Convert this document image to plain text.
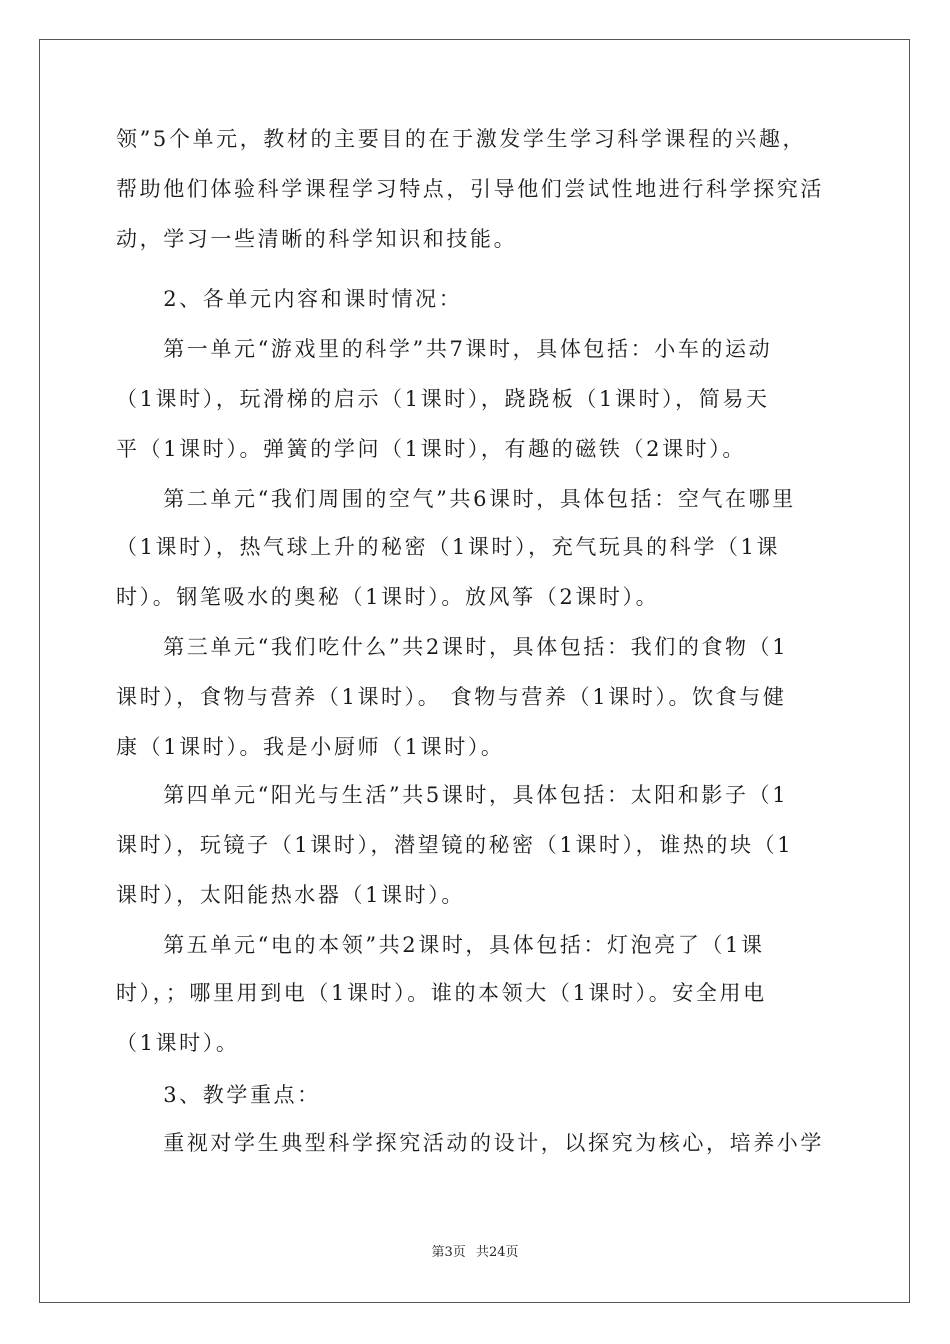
领”5个单元，教材的主要目的在于激发学生学习科学课程的兴趣，
帮助他们体验科学课程学习特点，引导他们尝试性地进行科学探究活
动，学习一些清晰的科学知识和技能。
　　2、各单元内容和课时情况：
　　第一单元“游戏里的科学”共7课时，具体包括：小车的运动
（1课时），玩滑梯的启示（1课时），跷跷板（1课时），简易天
平（1课时）。弹簧的学问（1课时），有趣的磁铁（2课时）。
　　第二单元“我们周围的空气”共6课时，具体包括：空气在哪里
（1课时），热气球上升的秘密（1课时），充气玩具的科学（1课
时）。钢笔吸水的奥秘（1课时）。放风筝（2课时）。
　　第三单元“我们吃什么”共2课时，具体包括：我们的食物（1
课时），食物与营养（1课时）。 食物与营养（1课时）。饮食与健
康（1课时）。我是小厨师（1课时）。
　　第四单元“阳光与生活”共5课时，具体包括：太阳和影子（1
课时），玩镜子（1课时），潜望镜的秘密（1课时），谁热的块（1
课时），太阳能热水器（1课时）。
　　第五单元“电的本领”共2课时，具体包括：灯泡亮了（1课
时），；哪里用到电（1课时）。谁的本领大（1课时）。安全用电
（1课时）。
　　3、教学重点：
　　重视对学生典型科学探究活动的设计，以探究为核心，培养小学
第3页 共24页
